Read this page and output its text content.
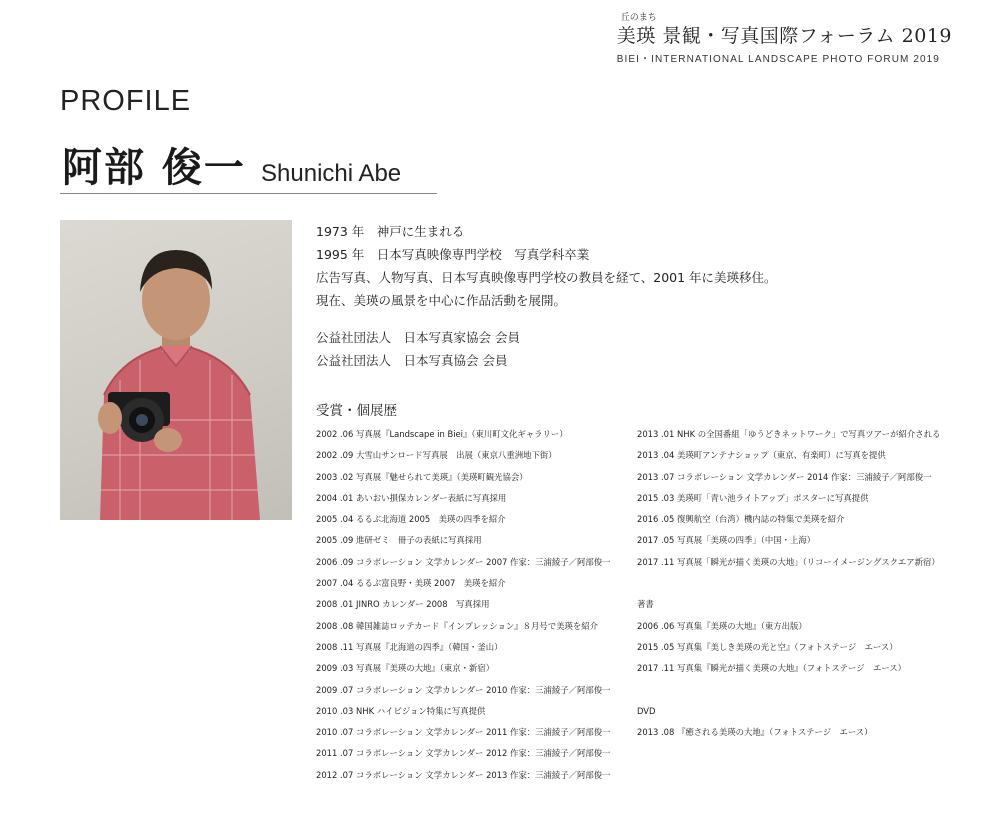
丘のまち
美瑛 景観・写真国際フォーラム 2019
BIEI・INTERNATIONAL LANDSCAPE PHOTO FORUM 2019
PROFILE
阿部 俊一 Shunichi Abe
1973 年　神戸に生まれる
1995 年　日本写真映像専門学校　写真学科卒業
広告写真、人物写真、日本写真映像専門学校の教員を経て、2001 年に美瑛移住。
現在、美瑛の風景を中心に作品活動を展開。
公益社団法人　日本写真家協会 会員
公益社団法人　日本写真協会 会員
受賞・個展歴
2002 .06 写真展『Landscape in Biei』（東川町文化ギャラリー）
2002 .09 大雪山サンロード写真展　出展（東京八重洲地下街）
2003 .02 写真展『魅せられて美瑛』（美瑛町観光協会）
2004 .01 あいおい損保カレンダー表紙に写真採用
2005 .04 るるぶ北海道 2005　美瑛の四季を紹介
2005 .09 進研ゼミ　冊子の表紙に写真採用
2006 .09 コラボレーション 文学カレンダー 2007 作家：三浦綾子／阿部俊一
2007 .04 るるぶ富良野・美瑛 2007　美瑛を紹介
2008 .01 JINRO カレンダー 2008　写真採用
2008 .08 韓国雑誌ロッテカード『インプレッション』８月号で美瑛を紹介
2008 .11 写真展『北海道の四季』（韓国・釜山）
2009 .03 写真展『美瑛の大地』（東京・新宿）
2009 .07 コラボレーション 文学カレンダー 2010 作家：三浦綾子／阿部俊一
2010 .03 NHK ハイビジョン特集に写真提供
2010 .07 コラボレーション 文学カレンダー 2011 作家：三浦綾子／阿部俊一
2011 .07 コラボレーション 文学カレンダー 2012 作家：三浦綾子／阿部俊一
2012 .07 コラボレーション 文学カレンダー 2013 作家：三浦綾子／阿部俊一
2013 .01 NHK の全国番組「ゆうどきネットワーク」で写真ツアーが紹介される
2013 .04 美瑛町アンテナショップ（東京、有楽町）に写真を提供
2013 .07 コラボレーション 文学カレンダー 2014 作家：三浦綾子／阿部俊一
2015 .03 美瑛町「青い池ライトアップ」ポスターに写真提供
2016 .05 復興航空（台湾）機内誌の特集で美瑛を紹介
2017 .05 写真展「美瑛の四季」（中国・上海）
2017 .11 写真展「瞬光が描く美瑛の大地」（リコーイメージングスクエア新宿）
著書
2006 .06 写真集『美瑛の大地』（東方出版）
2015 .05 写真集『美しき美瑛の光と空』（フォトステージ　エース）
2017 .11 写真集『瞬光が描く美瑛の大地』（フォトステージ　エース）
DVD
2013 .08 『癒される美瑛の大地』（フォトステージ　エース）
